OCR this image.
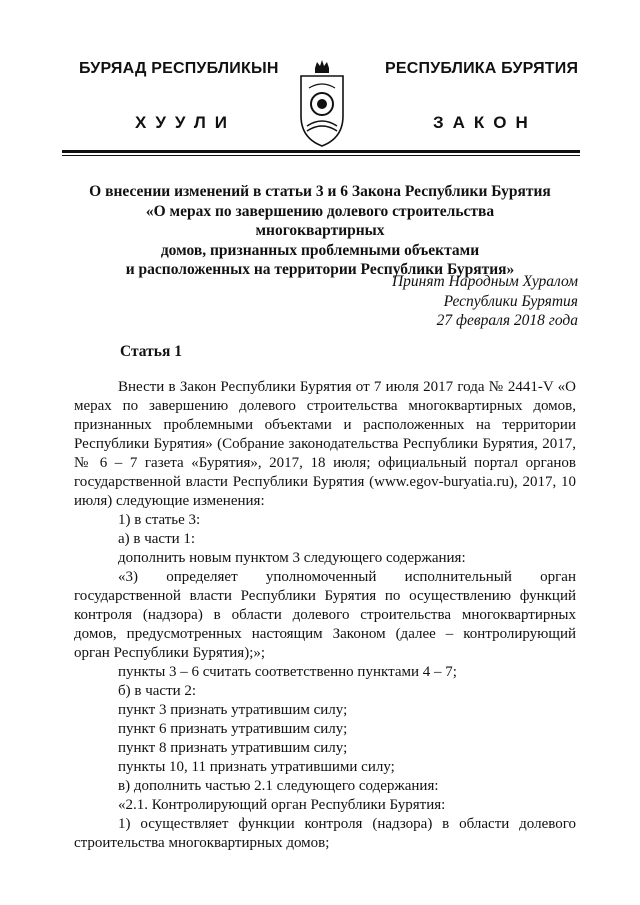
БУРЯАД РЕСПУБЛИКЫН	РЕСПУБЛИКА БУРЯТИЯ
ХУУЛИ	ЗАКОН
О внесении изменений в статьи 3 и 6 Закона Республики Бурятия
«О мерах по завершению долевого строительства многоквартирных
домов, признанных проблемными объектами
и расположенных на территории Республики Бурятия»
Принят Народным Хуралом
Республики Бурятия
27 февраля 2018 года
Статья 1

Внести в Закон Республики Бурятия от 7 июля 2017 года № 2441-V «О мерах по завершению долевого строительства многоквартирных домов, признанных проблемными объектами и расположенных на территории Республики Бурятия» (Собрание законодательства Республики Бурятия, 2017, № 6 – 7 газета «Бурятия», 2017, 18 июля; официальный портал органов государственной власти Республики Бурятия (www.egov-buryatia.ru), 2017, 10 июля) следующие изменения:

1) в статье 3:

а) в части 1:

дополнить новым пунктом 3 следующего содержания:

«3) определяет уполномоченный исполнительный орган государственной власти Республики Бурятия по осуществлению функций контроля (надзора) в области долевого строительства многоквартирных домов, предусмотренных настоящим Законом (далее – контролирующий орган Республики Бурятия);»;

пункты 3 – 6 считать соответственно пунктами 4 – 7;

б) в части 2:

пункт 3 признать утратившим силу;

пункт 6 признать утратившим силу;

пункт 8 признать утратившим силу;

пункты 10, 11 признать утратившими силу;

в) дополнить частью 2.1 следующего содержания:

«2.1. Контролирующий орган Республики Бурятия:

1) осуществляет функции контроля (надзора) в области долевого строительства многоквартирных домов;
